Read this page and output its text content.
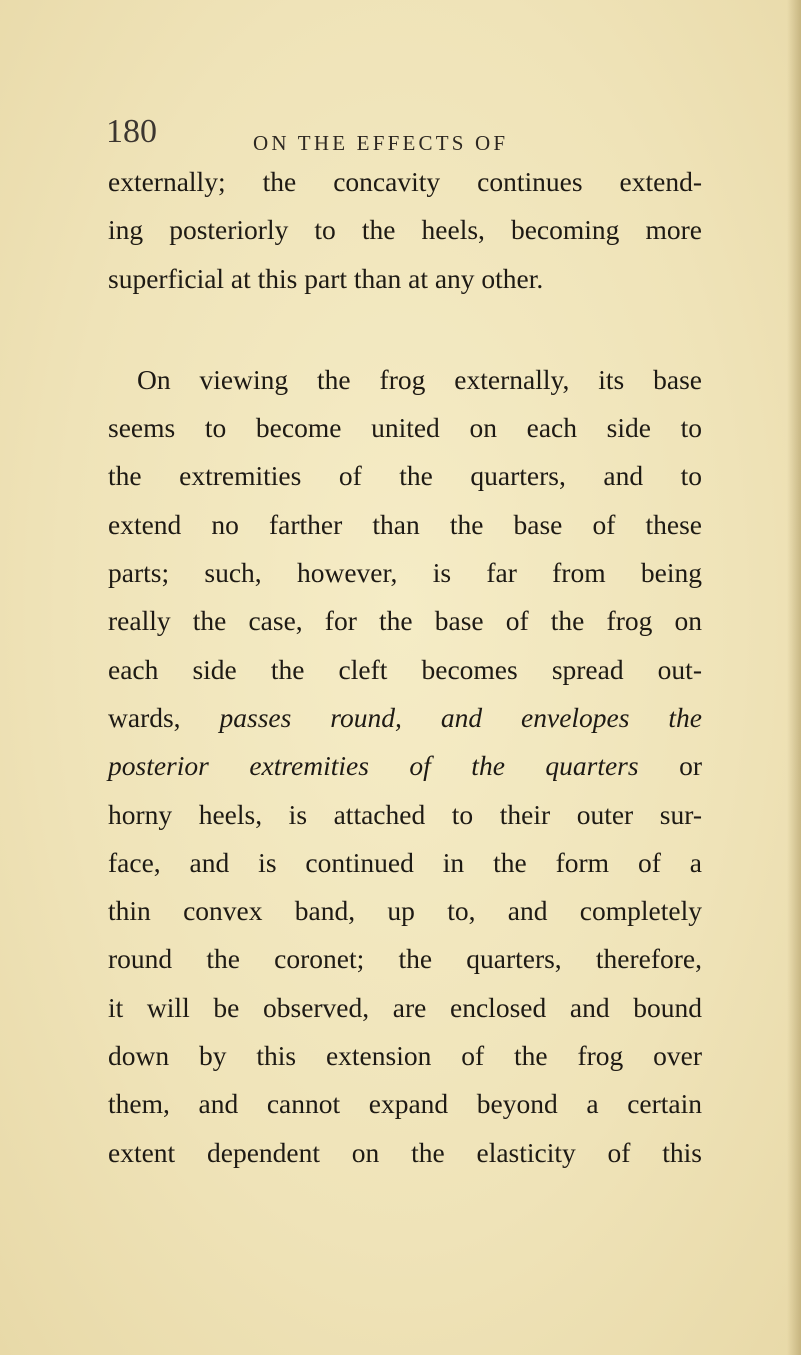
180	ON THE EFFECTS OF

externally; the concavity continues extend-
ing posteriorly to the heels, becoming more
superficial at this part than at any other.

On viewing the frog externally, its base
seems to become united on each side to
the extremities of the quarters, and to
extend no farther than the base of these
parts; such, however, is far from being
really the case, for the base of the frog on
each side the cleft becomes spread out-
wards, passes round, and envelopes the
posterior extremities of the quarters or
horny heels, is attached to their outer sur-
face, and is continued in the form of a
thin convex band, up to, and completely
round the coronet; the quarters, therefore,
it will be observed, are enclosed and bound
down by this extension of the frog over
them, and cannot expand beyond a certain
extent dependent on the elasticity of this
